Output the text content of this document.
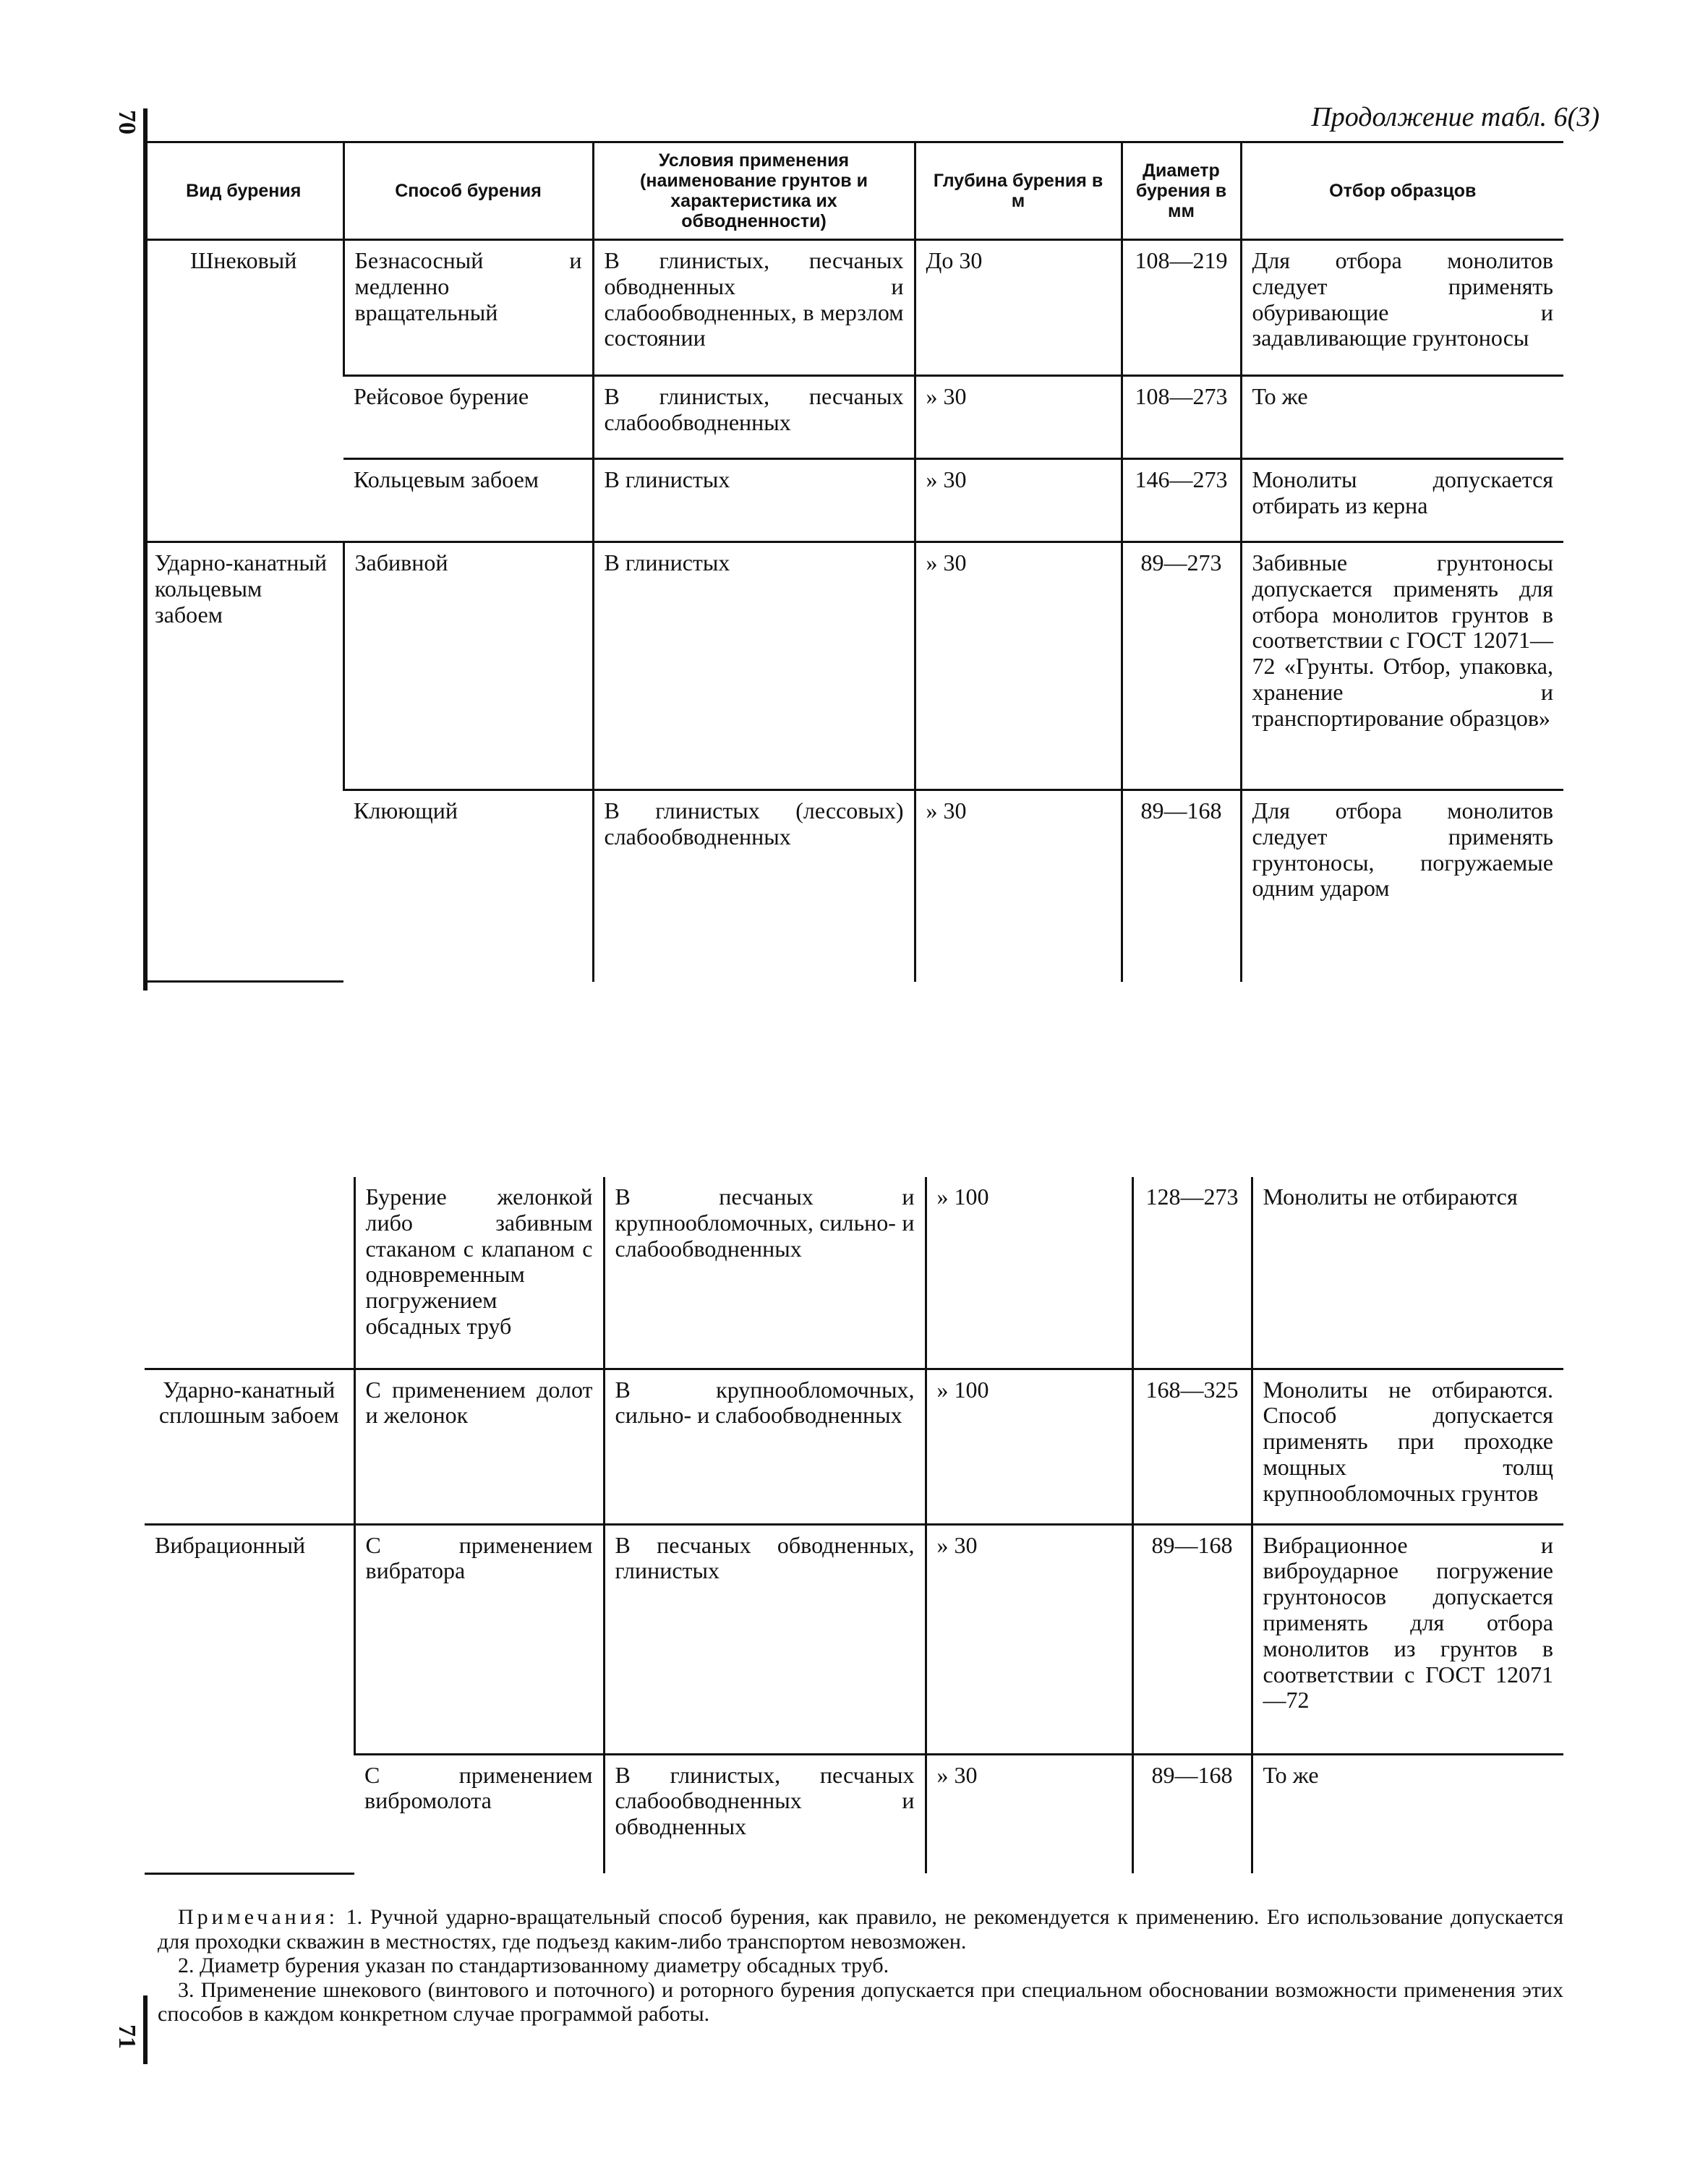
70
71
Продолжение табл. 6(3)
Вид бурения	Способ бурения	Условия применения (наименование грунтов и характеристика их обводненности)	Глубина бурения в м	Диаметр бурения в мм	Отбор образцов
Шнековый	Безнасосный и медленно вращательный	В глинистых, песчаных обводненных и слабообводненных, в мерзлом состоянии	До 30	108—219	Для отбора монолитов следует применять обуривающие и задавливающие грунтоносы
	Рейсовое бурение	В глинистых, песчаных слабообводненных	» 30	108—273	То же
	Кольцевым забоем	В глинистых	» 30	146—273	Монолиты допускается отбирать из керна
Ударно-канатный кольцевым забоем	Забивной	В глинистых	» 30	89—273	Забивные грунтоносы допускается применять для отбора монолитов грунтов в соответствии с ГОСТ 12071—72 «Грунты. Отбор, упаковка, хранение и транспортирование образцов»
	Клюющий	В глинистых (лессовых) слабообводненных	» 30	89—168	Для отбора монолитов следует применять грунтоносы, погружаемые одним ударом
	Бурение желонкой либо забивным стаканом с клапаном с одновременным погружением обсадных труб	В песчаных и крупнообломочных, сильно- и слабообводненных	» 100	128—273	Монолиты не отбираются
Ударно-канатный сплошным забоем	С применением долот и желонок	В крупнообломочных, сильно- и слабообводненных	» 100	168—325	Монолиты не отбираются. Способ допускается применять при проходке мощных толщ крупнообломочных грунтов
Вибрационный	С применением вибратора	В песчаных обводненных, глинистых	» 30	89—168	Вибрационное и виброударное погружение грунтоносов допускается применять для отбора монолитов из грунтов в соответствии с ГОСТ 12071—72
	С применением вибромолота	В глинистых, песчаных слабообводненных и обводненных	» 30	89—168	То же

Примечания: 1. Ручной ударно-вращательный способ бурения, как правило, не рекомендуется к применению. Его использование допускается для проходки скважин в местностях, где подъезд каким-либо транспортом невозможен.

2. Диаметр бурения указан по стандартизованному диаметру обсадных труб.

3. Применение шнекового (винтового и поточного) и роторного бурения допускается при специальном обосновании возможности применения этих способов в каждом конкретном случае программой работы.
